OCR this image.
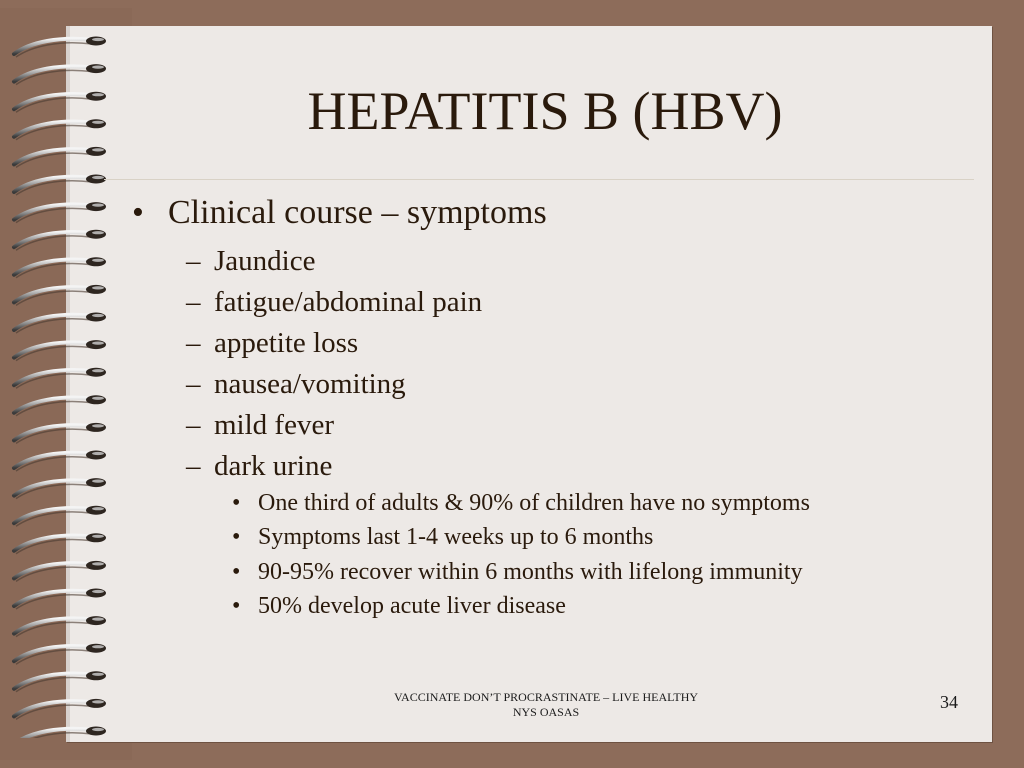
HEPATITIS B (HBV)
• Clinical course – symptoms
– Jaundice
– fatigue/abdominal pain
– appetite loss
– nausea/vomiting
– mild fever
– dark urine
• One third of adults & 90% of children have no symptoms
• Symptoms last 1-4 weeks up to 6 months
• 90-95% recover within 6 months with lifelong immunity
• 50% develop acute liver disease
VACCINATE DON’T PROCRASTINATE – LIVE HEALTHY
NYS OASAS	34
